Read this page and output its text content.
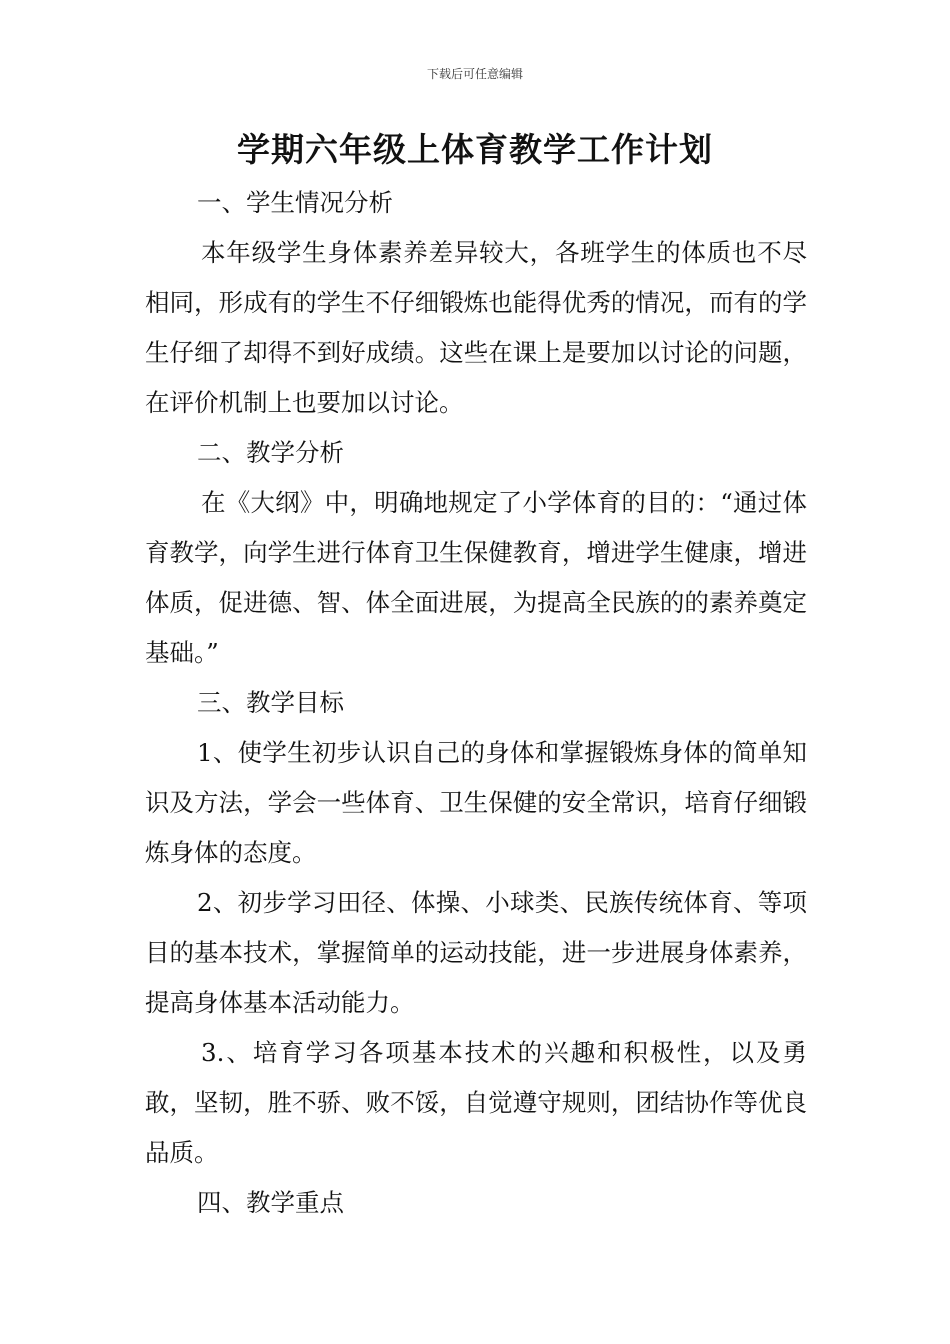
下载后可任意编辑
学期六年级上体育教学工作计划

一、学生情况分析

本年级学生身体素养差异较大，各班学生的体质也不尽相同，形成有的学生不仔细锻炼也能得优秀的情况，而有的学生仔细了却得不到好成绩。这些在课上是要加以讨论的问题，在评价机制上也要加以讨论。

二、教学分析

在《大纲》中，明确地规定了小学体育的目的：“通过体育教学，向学生进行体育卫生保健教育，增进学生健康，增进体质，促进德、智、体全面进展，为提高全民族的的素养奠定基础。”

三、教学目标

1、使学生初步认识自己的身体和掌握锻炼身体的简单知识及方法，学会一些体育、卫生保健的安全常识，培育仔细锻炼身体的态度。

2、初步学习田径、体操、小球类、民族传统体育、等项目的基本技术，掌握简单的运动技能，进一步进展身体素养，提高身体基本活动能力。

3.、培育学习各项基本技术的兴趣和积极性，以及勇敢，坚韧，胜不骄、败不馁，自觉遵守规则，团结协作等优良品质。

四、教学重点
